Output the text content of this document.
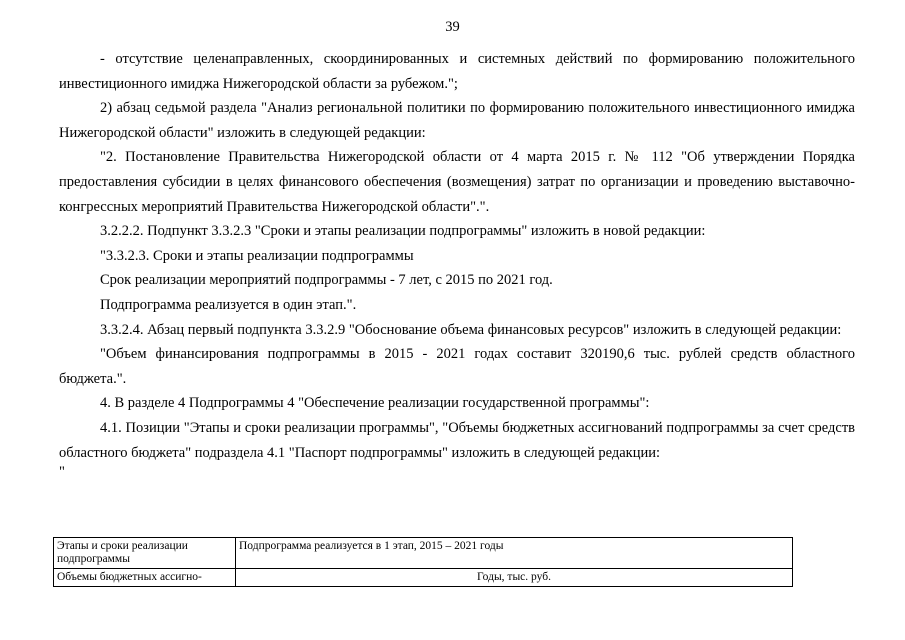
39

- отсутствие целенаправленных, скоординированных и системных действий по формированию положительного инвестиционного имиджа Нижегородской области за рубежом.";

2) абзац седьмой раздела "Анализ региональной политики по формированию положительного инвестиционного имиджа Нижегородской области" изложить в следующей редакции:

"2. Постановление Правительства Нижегородской области от 4 марта 2015 г. № 112 "Об утверждении Порядка предоставления субсидии в целях финансового обеспечения (возмещения) затрат по организации и проведению выставочно-конгрессных мероприятий Правительства Нижегородской области".".

3.2.2.2. Подпункт 3.3.2.3 "Сроки и этапы реализации подпрограммы" изложить в новой редакции:

"3.3.2.3. Сроки и этапы реализации подпрограммы

Срок реализации мероприятий подпрограммы - 7 лет, с 2015 по 2021 год.

Подпрограмма реализуется в один этап.".

3.3.2.4. Абзац первый подпункта 3.3.2.9 "Обоснование объема финансовых ресурсов" изложить в следующей редакции:

"Объем финансирования подпрограммы в 2015 - 2021 годах составит 320190,6 тыс. рублей средств областного бюджета.".

4. В разделе 4 Подпрограммы 4 "Обеспечение реализации государственной программы":

4.1. Позиции "Этапы и сроки реализации программы", "Объемы бюджетных ассигнований подпрограммы за счет средств областного бюджета" подраздела 4.1 "Паспорт подпрограммы" изложить в следующей редакции:

"

Этапы и сроки реализации подпрограммы	Подпрограмма реализуется в 1 этап, 2015 – 2021 годы
Объемы бюджетных ассигно-	Годы, тыс. руб.
